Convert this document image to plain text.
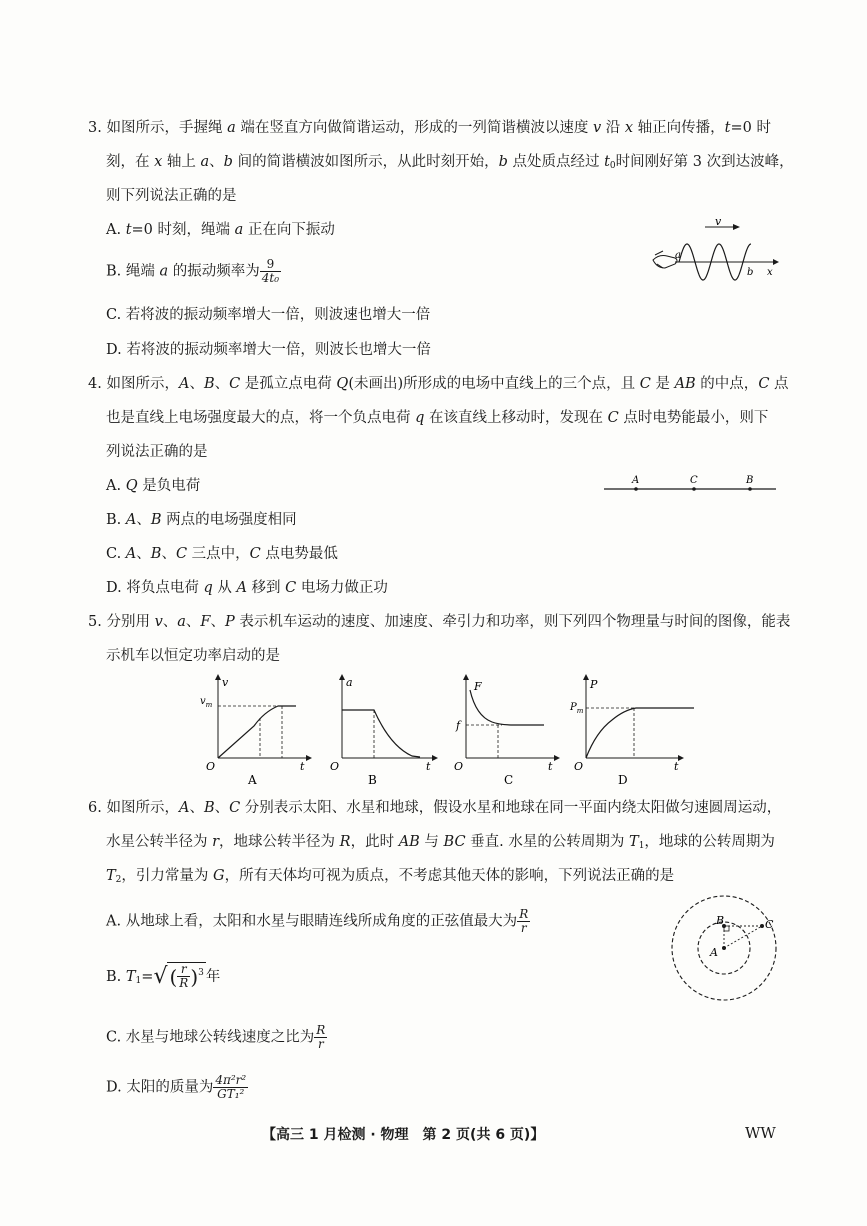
3. 如图所示，手握绳 a 端在竖直方向做简谐运动，形成的一列简谐横波以速度 v 沿 x 轴正向传播，t=0 时
刻，在 x 轴上 a、b 间的简谐横波如图所示，从此时刻开始，b 点处质点经过 $t_0$时间刚好第 3 次到达波峰，
则下列说法正确的是
A. t=0 时刻，绳端 a 正在向下振动
B. 绳端 a 的振动频率为 $\frac{9}{\text{4t₀}}$
C. 若将波的振动频率增大一倍，则波速也增大一倍
D. 若将波的振动频率增大一倍，则波长也增大一倍
v
a
b x
4. 如图所示，A、B、C 是孤立点电荷 Q(未画出)所形成的电场中直线上的三个点，且 C 是 AB 的中点，C 点
也是直线上电场强度最大的点，将一个负点电荷 q 在该直线上移动时，发现在 C 点时电势能最小，则下
列说法正确的是
A. Q 是负电荷
B. A、B 两点的电场强度相同
C. A、B、C 三点中，C 点电势最低
D. 将负点电荷 q 从 A 移到 C 电场力做正功
A	C	B
5. 分别用 v、a、F、P 表示机车运动的速度、加速度、牵引力和功率，则下列四个物理量与时间的图像，能表
示机车以恒定功率启动的是
v
$v_m$
O	t
A
a
O	t
B
F
f
O	t
C
P
$P_m$
O	t
D
6. 如图所示，A、B、C 分别表示太阳、水星和地球，假设水星和地球在同一平面内绕太阳做匀速圆周运动，
水星公转半径为 r，地球公转半径为 R，此时 AB 与 BC 垂直. 水星的公转周期为 $T_1$，地球的公转周期为
$T_2$，引力常量为 G，所有天体均可视为质点，不考虑其他天体的影响，下列说法正确的是
A. 从地球上看，太阳和水星与眼睛连线所成角度的正弦值最大为 $\frac{R}{r}$
B. $T_1=√$ ( $\frac{r}{R} )^3$ 年
C. 水星与地球公转线速度之比为 $\frac{R}{r}$
D. 太阳的质量为 $\frac{\text{4π²r²}}{\text{GT₁²}}$
B	C
A
【高三 1 月检测 · 物理　第 2 页(共 6 页)】	WW
